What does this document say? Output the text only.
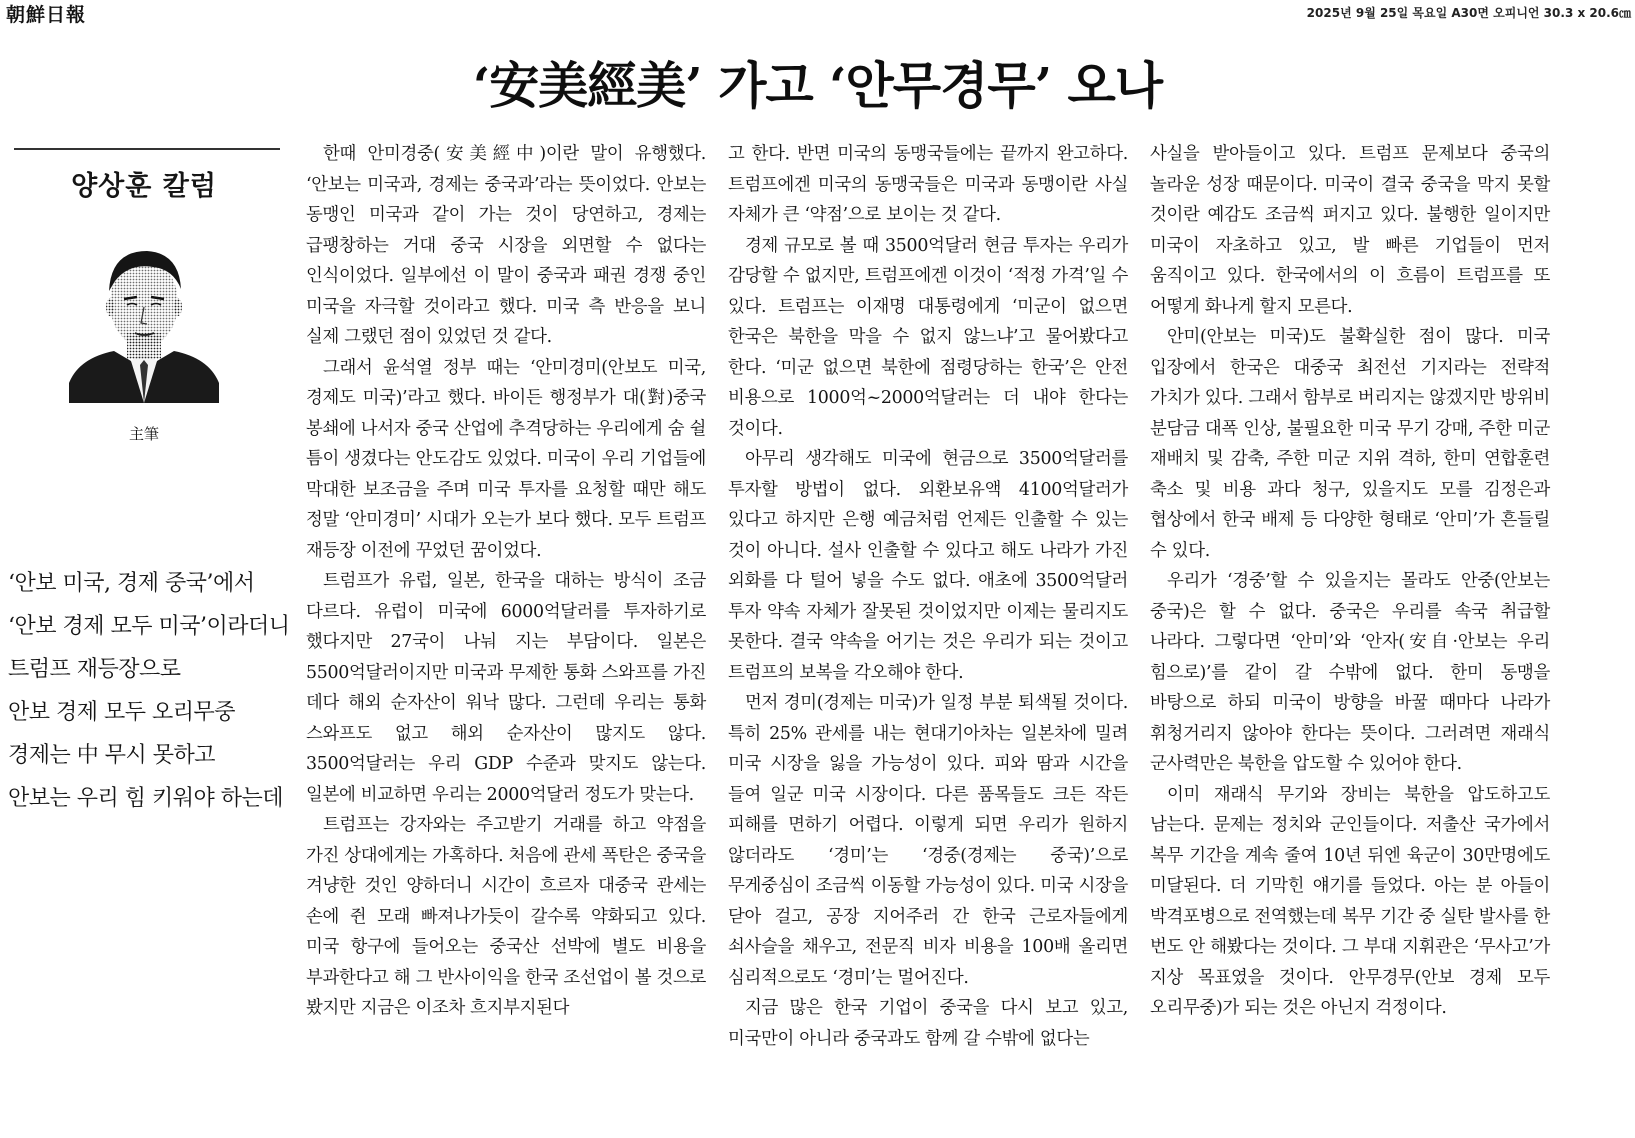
朝鮮日報	2025년 9월 25일 목요일 A30면 오피니언 30.3 x 20.6㎝
‘安美經美’ 가고 ‘안무경무’ 오나
양상훈 칼럼
主筆
‘안보 미국, 경제 중국’에서
‘안보 경제 모두 미국’이라더니
트럼프 재등장으로
안보 경제 모두 오리무중
경제는 中 무시 못하고
안보는 우리 힘 키워야 하는데

한때 안미경중(安美經中)이란 말이 유행했다. ‘안보는 미국과, 경제는 중국과’라는 뜻이었다. 안보는 동맹인 미국과 같이 가는 것이 당연하고, 경제는 급팽창하는 거대 중국 시장을 외면할 수 없다는 인식이었다. 일부에선 이 말이 중국과 패권 경쟁 중인 미국을 자극할 것이라고 했다. 미국 측 반응을 보니 실제 그랬던 점이 있었던 것 같다.

그래서 윤석열 정부 때는 ‘안미경미(안보도 미국, 경제도 미국)’라고 했다. 바이든 행정부가 대(對)중국 봉쇄에 나서자 중국 산업에 추격당하는 우리에게 숨 쉴 틈이 생겼다는 안도감도 있었다. 미국이 우리 기업들에 막대한 보조금을 주며 미국 투자를 요청할 때만 해도 정말 ‘안미경미’ 시대가 오는가 보다 했다. 모두 트럼프 재등장 이전에 꾸었던 꿈이었다.

트럼프가 유럽, 일본, 한국을 대하는 방식이 조금 다르다. 유럽이 미국에 6000억달러를 투자하기로 했다지만 27국이 나눠 지는 부담이다. 일본은 5500억달러이지만 미국과 무제한 통화 스와프를 가진 데다 해외 순자산이 워낙 많다. 그런데 우리는 통화 스와프도 없고 해외 순자산이 많지도 않다. 3500억달러는 우리 GDP 수준과 맞지도 않는다. 일본에 비교하면 우리는 2000억달러 정도가 맞는다.

트럼프는 강자와는 주고받기 거래를 하고 약점을 가진 상대에게는 가혹하다. 처음에 관세 폭탄은 중국을 겨냥한 것인 양하더니 시간이 흐르자 대중국 관세는 손에 쥔 모래 빠져나가듯이 갈수록 약화되고 있다. 미국 항구에 들어오는 중국산 선박에 별도 비용을 부과한다고 해 그 반사이익을 한국 조선업이 볼 것으로 봤지만 지금은 이조차 흐지부지된다

고 한다. 반면 미국의 동맹국들에는 끝까지 완고하다. 트럼프에겐 미국의 동맹국들은 미국과 동맹이란 사실 자체가 큰 ‘약점’으로 보이는 것 같다.

경제 규모로 볼 때 3500억달러 현금 투자는 우리가 감당할 수 없지만, 트럼프에겐 이것이 ‘적정 가격’일 수 있다. 트럼프는 이재명 대통령에게 ‘미군이 없으면 한국은 북한을 막을 수 없지 않느냐’고 물어봤다고 한다. ‘미군 없으면 북한에 점령당하는 한국’은 안전 비용으로 1000억~2000억달러는 더 내야 한다는 것이다.

아무리 생각해도 미국에 현금으로 3500억달러를 투자할 방법이 없다. 외환보유액 4100억달러가 있다고 하지만 은행 예금처럼 언제든 인출할 수 있는 것이 아니다. 설사 인출할 수 있다고 해도 나라가 가진 외화를 다 털어 넣을 수도 없다. 애초에 3500억달러 투자 약속 자체가 잘못된 것이었지만 이제는 물리지도 못한다. 결국 약속을 어기는 것은 우리가 되는 것이고 트럼프의 보복을 각오해야 한다.

먼저 경미(경제는 미국)가 일정 부분 퇴색될 것이다. 특히 25% 관세를 내는 현대기아차는 일본차에 밀려 미국 시장을 잃을 가능성이 있다. 피와 땀과 시간을 들여 일군 미국 시장이다. 다른 품목들도 크든 작든 피해를 면하기 어렵다. 이렇게 되면 우리가 원하지 않더라도 ‘경미’는 ‘경중(경제는 중국)’으로 무게중심이 조금씩 이동할 가능성이 있다. 미국 시장을 닫아 걸고, 공장 지어주러 간 한국 근로자들에게 쇠사슬을 채우고, 전문직 비자 비용을 100배 올리면 심리적으로도 ‘경미’는 멀어진다.

지금 많은 한국 기업이 중국을 다시 보고 있고, 미국만이 아니라 중국과도 함께 갈 수밖에 없다는

사실을 받아들이고 있다. 트럼프 문제보다 중국의 놀라운 성장 때문이다. 미국이 결국 중국을 막지 못할 것이란 예감도 조금씩 퍼지고 있다. 불행한 일이지만 미국이 자초하고 있고, 발 빠른 기업들이 먼저 움직이고 있다. 한국에서의 이 흐름이 트럼프를 또 어떻게 화나게 할지 모른다.

안미(안보는 미국)도 불확실한 점이 많다. 미국 입장에서 한국은 대중국 최전선 기지라는 전략적 가치가 있다. 그래서 함부로 버리지는 않겠지만 방위비 분담금 대폭 인상, 불필요한 미국 무기 강매, 주한 미군 재배치 및 감축, 주한 미군 지위 격하, 한미 연합훈련 축소 및 비용 과다 청구, 있을지도 모를 김정은과 협상에서 한국 배제 등 다양한 형태로 ‘안미’가 흔들릴 수 있다.

우리가 ‘경중’할 수 있을지는 몰라도 안중(안보는 중국)은 할 수 없다. 중국은 우리를 속국 취급할 나라다. 그렇다면 ‘안미’와 ‘안자(安自·안보는 우리 힘으로)’를 같이 갈 수밖에 없다. 한미 동맹을 바탕으로 하되 미국이 방향을 바꿀 때마다 나라가 휘청거리지 않아야 한다는 뜻이다. 그러려면 재래식 군사력만은 북한을 압도할 수 있어야 한다.

이미 재래식 무기와 장비는 북한을 압도하고도 남는다. 문제는 정치와 군인들이다. 저출산 국가에서 복무 기간을 계속 줄여 10년 뒤엔 육군이 30만명에도 미달된다. 더 기막힌 얘기를 들었다. 아는 분 아들이 박격포병으로 전역했는데 복무 기간 중 실탄 발사를 한 번도 안 해봤다는 것이다. 그 부대 지휘관은 ‘무사고’가 지상 목표였을 것이다. 안무경무(안보 경제 모두 오리무중)가 되는 것은 아닌지 걱정이다.
